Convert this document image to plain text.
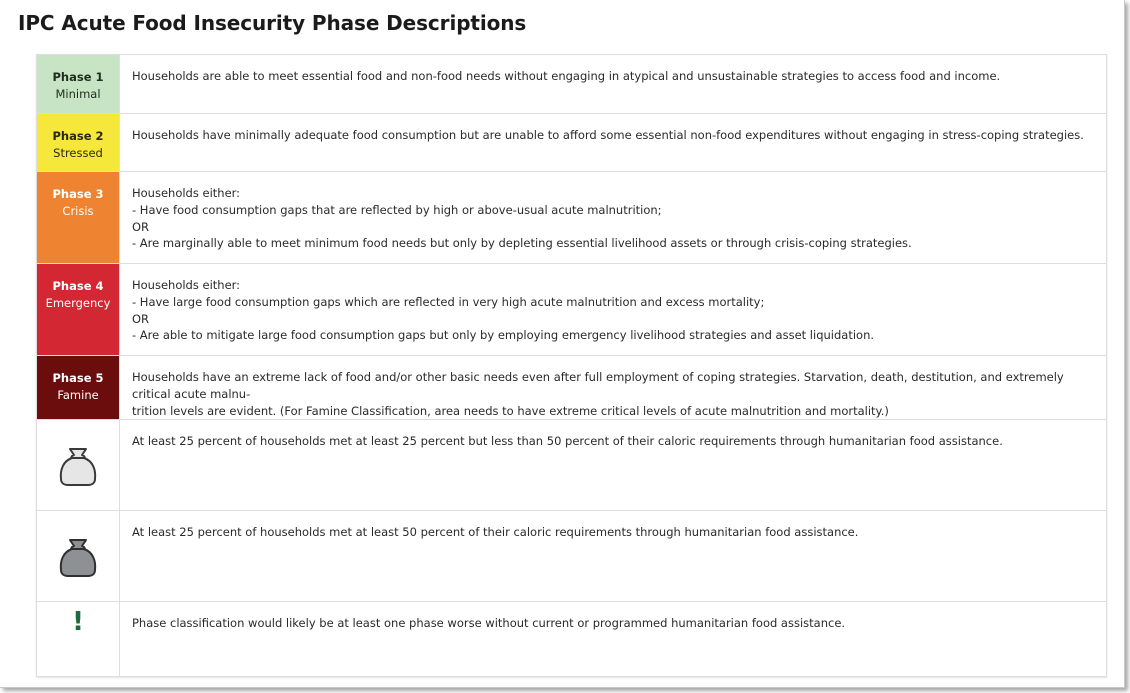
IPC Acute Food Insecurity Phase Descriptions
Phase 1
Minimal	Households are able to meet essential food and non-food needs without engaging in atypical and unsustainable strategies to access food and income.

Phase 2
Stressed	Households have minimally adequate food consumption but are unable to afford some essential non-food expenditures without engaging in stress-coping strategies.

Phase 3
Crisis	Households either:
- Have food consumption gaps that are reflected by high or above-usual acute malnutrition;
OR
- Are marginally able to meet minimum food needs but only by depleting essential livelihood assets or through crisis-coping strategies.

Phase 4
Emergency	Households either:
- Have large food consumption gaps which are reflected in very high acute malnutrition and excess mortality;
OR
- Are able to mitigate large food consumption gaps but only by employing emergency livelihood strategies and asset liquidation.

Phase 5
Famine	Households have an extreme lack of food and/or other basic needs even after full employment of coping strategies. Starvation, death, destitution, and extremely critical acute malnu-
trition levels are evident. (For Famine Classification, area needs to have extreme critical levels of acute malnutrition and mortality.)

At least 25 percent of households met at least 25 percent but less than 50 percent of their caloric requirements through humanitarian food assistance.

At least 25 percent of households met at least 50 percent of their caloric requirements through humanitarian food assistance.

!	Phase classification would likely be at least one phase worse without current or programmed humanitarian food assistance.
